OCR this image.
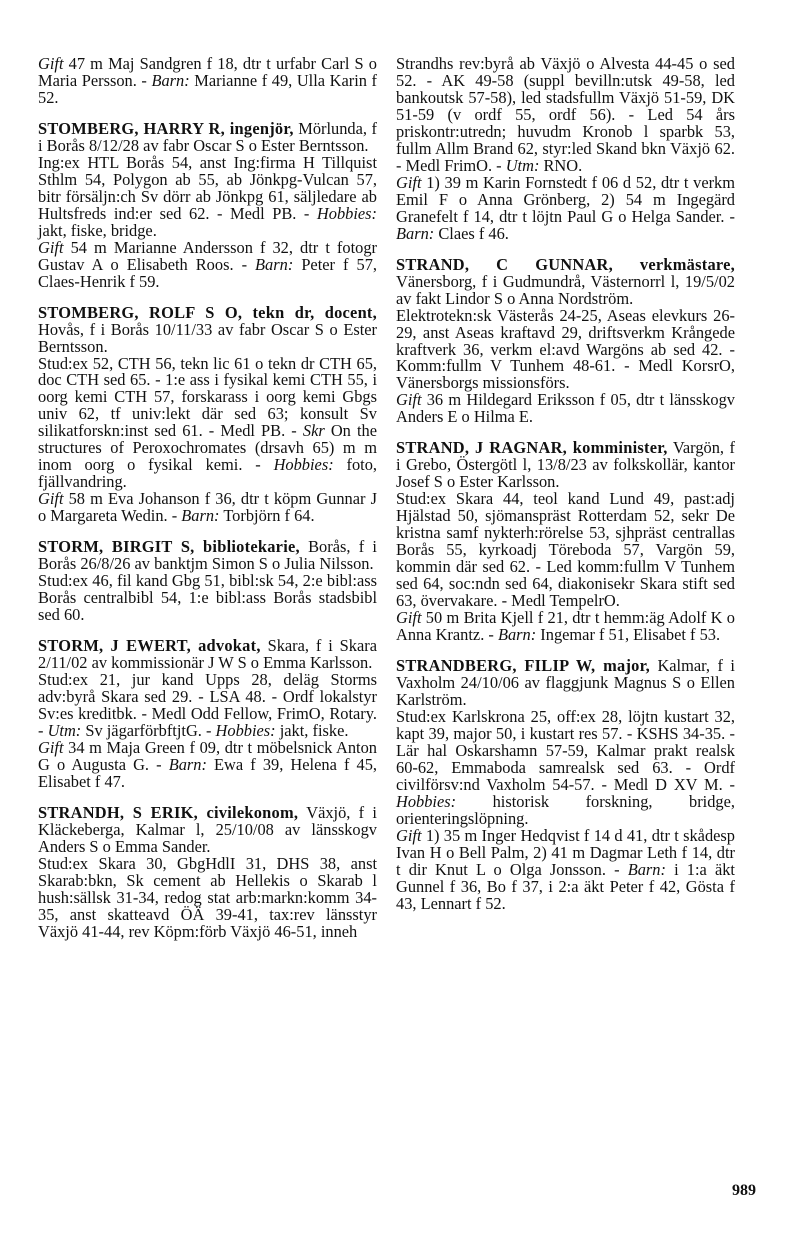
Gift 47 m Maj Sandgren f 18, dtr t urfabr Carl S o Maria Persson. - Barn: Marianne f 49, Ulla Karin f 52.

STOMBERG, HARRY R, ingenjör, Mörlunda, f i Borås 8/12/28 av fabr Oscar S o Ester Berntsson.

Ing:ex HTL Borås 54, anst Ing:firma H Tillquist Sthlm 54, Polygon ab 55, ab Jönkpg-Vulcan 57, bitr försäljn:ch Sv dörr ab Jönkpg 61, säljledare ab Hultsfreds ind:er sed 62. - Medl PB. - Hobbies: jakt, fiske, bridge.

Gift 54 m Marianne Andersson f 32, dtr t fotogr Gustav A o Elisabeth Roos. - Barn: Peter f 57, Claes-Henrik f 59.

STOMBERG, ROLF S O, tekn dr, docent, Hovås, f i Borås 10/11/33 av fabr Oscar S o Ester Berntsson.

Stud:ex 52, CTH 56, tekn lic 61 o tekn dr CTH 65, doc CTH sed 65. - 1:e ass i fysikal kemi CTH 55, i oorg kemi CTH 57, forskarass i oorg kemi Gbgs univ 62, tf univ:lekt där sed 63; konsult Sv silikatforskn:inst sed 61. - Medl PB. - Skr On the structures of Peroxochromates (drsavh 65) m m inom oorg o fysikal kemi. - Hobbies: foto, fjällvandring.

Gift 58 m Eva Johanson f 36, dtr t köpm Gunnar J o Margareta Wedin. - Barn: Torbjörn f 64.

STORM, BIRGIT S, bibliotekarie, Borås, f i Borås 26/8/26 av banktjm Simon S o Julia Nilsson.

Stud:ex 46, fil kand Gbg 51, bibl:sk 54, 2:e bibl:ass Borås centralbibl 54, 1:e bibl:ass Borås stadsbibl sed 60.

STORM, J EWERT, advokat, Skara, f i Skara 2/11/02 av kommissionär J W S o Emma Karlsson.

Stud:ex 21, jur kand Upps 28, deläg Storms adv:byrå Skara sed 29. - LSA 48. - Ordf lokalstyr Sv:es kreditbk. - Medl Odd Fellow, FrimO, Rotary. - Utm: Sv jägarförbftjtG. - Hobbies: jakt, fiske.

Gift 34 m Maja Green f 09, dtr t möbelsnick Anton G o Augusta G. - Barn: Ewa f 39, Helena f 45, Elisabet f 47.

STRANDH, S ERIK, civilekonom, Växjö, f i Kläckeberga, Kalmar l, 25/10/08 av länsskogv Anders S o Emma Sander.

Stud:ex Skara 30, GbgHdlI 31, DHS 38, anst Skarab:bkn, Sk cement ab Hellekis o Skarab l hush:sällsk 31-34, redog stat arb:markn:komm 34-35, anst skatteavd ÖÄ 39-41, tax:rev länsstyr Växjö 41-44, rev Köpm:förb Växjö 46-51, inneh

Strandhs rev:byrå ab Växjö o Alvesta 44-45 o sed 52. - AK 49-58 (suppl bevilln:utsk 49-58, led bankoutsk 57-58), led stadsfullm Växjö 51-59, DK 51-59 (v ordf 55, ordf 56). - Led 54 års priskontr:utredn; huvudm Kronob l sparbk 53, fullm Allm Brand 62, styr:led Skand bkn Växjö 62. - Medl FrimO. - Utm: RNO.

Gift 1) 39 m Karin Fornstedt f 06 d 52, dtr t verkm Emil F o Anna Grönberg, 2) 54 m Ingegärd Granefelt f 14, dtr t löjtn Paul G o Helga Sander. - Barn: Claes f 46.

STRAND, C GUNNAR, verkmästare, Vänersborg, f i Gudmundrå, Västernorrl l, 19/5/02 av fakt Lindor S o Anna Nordström.

Elektrotekn:sk Västerås 24-25, Aseas elevkurs 26-29, anst Aseas kraftavd 29, driftsverkm Krångede kraftverk 36, verkm el:avd Wargöns ab sed 42. - Komm:fullm V Tunhem 48-61. - Medl KorsrO, Vänersborgs missionsförs.

Gift 36 m Hildegard Eriksson f 05, dtr t länsskogv Anders E o Hilma E.

STRAND, J RAGNAR, komminister, Vargön, f i Grebo, Östergötl l, 13/8/23 av folkskollär, kantor Josef S o Ester Karlsson.

Stud:ex Skara 44, teol kand Lund 49, past:adj Hjälstad 50, sjömanspräst Rotterdam 52, sekr De kristna samf nykterh:rörelse 53, sjhpräst centrallas Borås 55, kyrkoadj Töreboda 57, Vargön 59, kommin där sed 62. - Led komm:fullm V Tunhem sed 64, soc:ndn sed 64, diakonisekr Skara stift sed 63, övervakare. - Medl TempelrO.

Gift 50 m Brita Kjell f 21, dtr t hemm:äg Adolf K o Anna Krantz. - Barn: Ingemar f 51, Elisabet f 53.

STRANDBERG, FILIP W, major, Kalmar, f i Vaxholm 24/10/06 av flaggjunk Magnus S o Ellen Karlström.

Stud:ex Karlskrona 25, off:ex 28, löjtn kustart 32, kapt 39, major 50, i kustart res 57. - KSHS 34-35. - Lär hal Oskarshamn 57-59, Kalmar prakt realsk 60-62, Emmaboda samrealsk sed 63. - Ordf civilförsv:nd Vaxholm 54-57. - Medl D XV M. - Hobbies: historisk forskning, bridge, orienteringslöpning.

Gift 1) 35 m Inger Hedqvist f 14 d 41, dtr t skådesp Ivan H o Bell Palm, 2) 41 m Dagmar Leth f 14, dtr t dir Knut L o Olga Jonsson. - Barn: i 1:a äkt Gunnel f 36, Bo f 37, i 2:a äkt Peter f 42, Gösta f 43, Lennart f 52.

989
